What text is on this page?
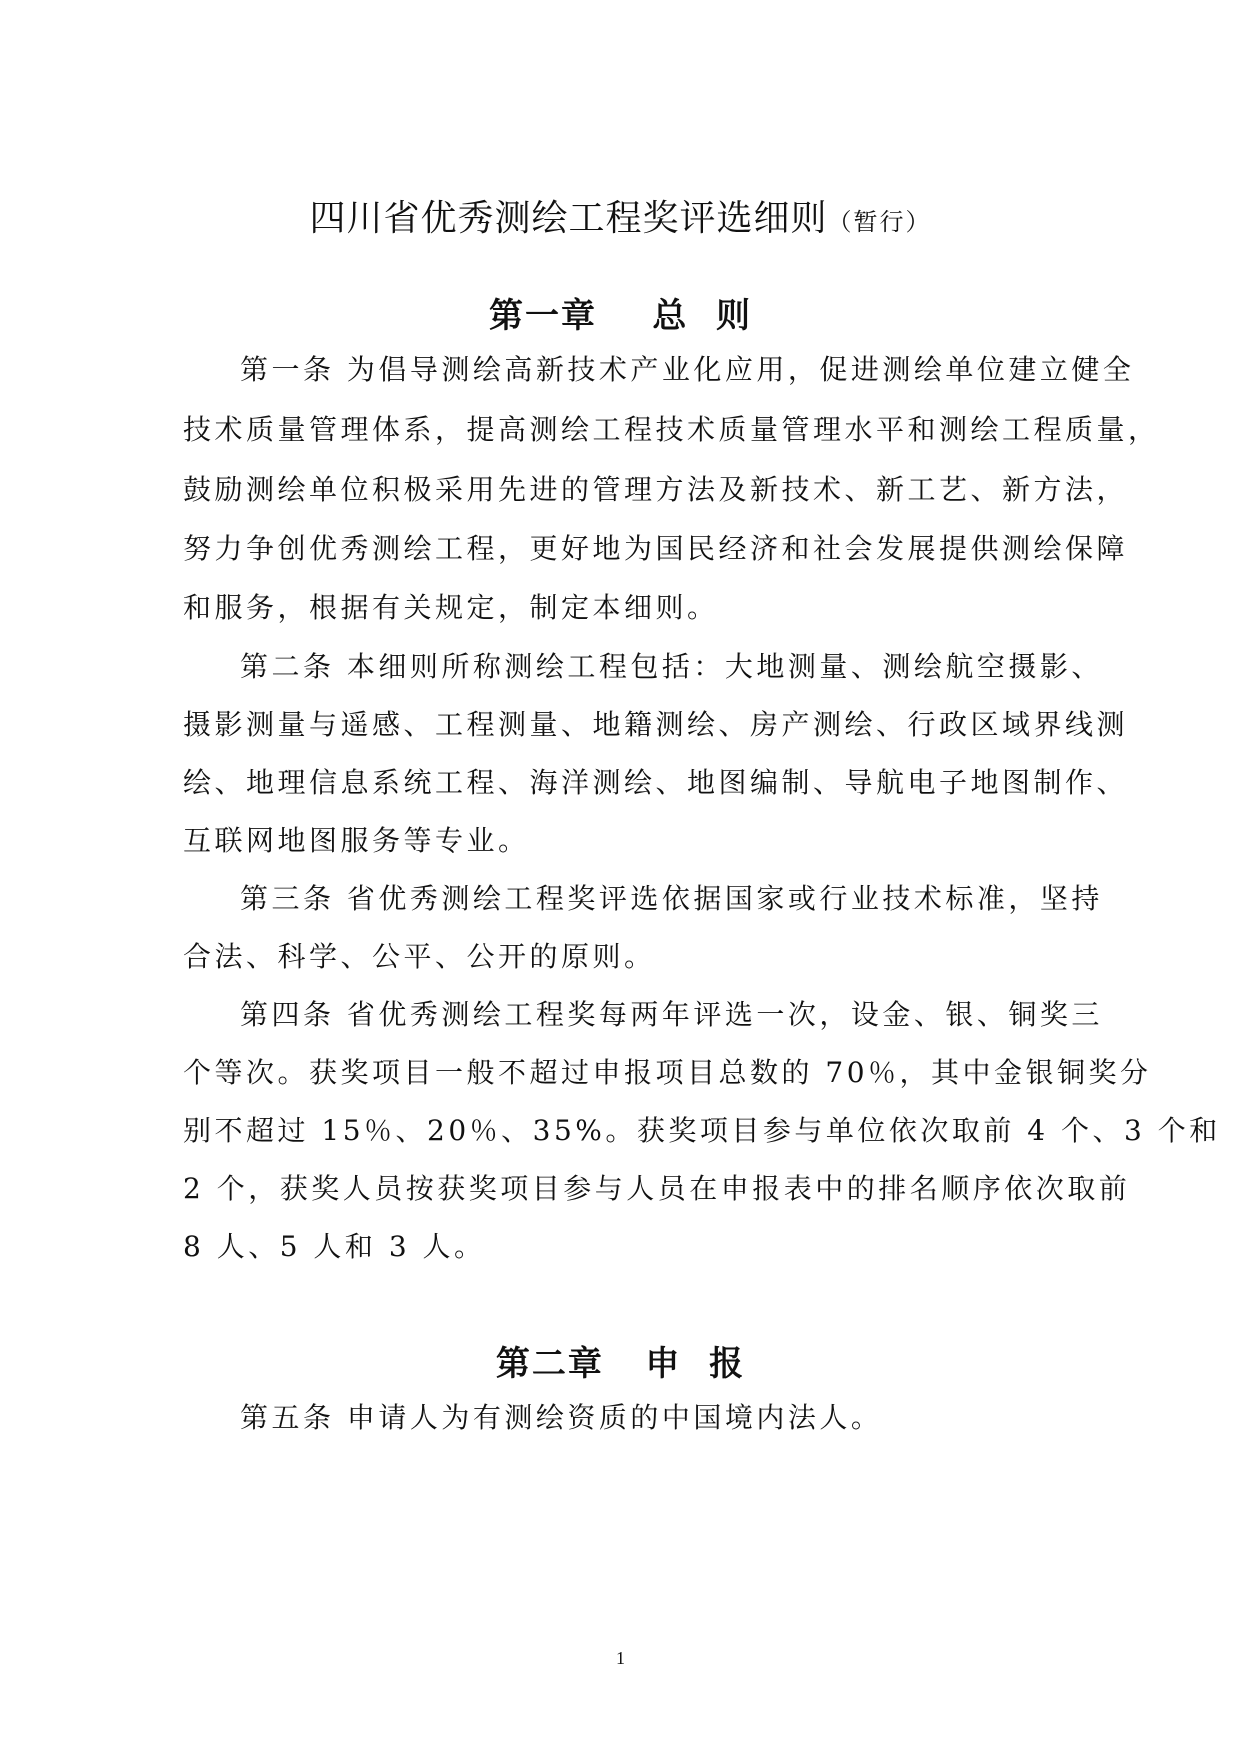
四川省优秀测绘工程奖评选细则（暂行）
第一章    总  则
第一条 为倡导测绘高新技术产业化应用，促进测绘单位建立健全
技术质量管理体系，提高测绘工程技术质量管理水平和测绘工程质量，
鼓励测绘单位积极采用先进的管理方法及新技术、新工艺、新方法，
努力争创优秀测绘工程，更好地为国民经济和社会发展提供测绘保障
和服务，根据有关规定，制定本细则。
第二条 本细则所称测绘工程包括：大地测量、测绘航空摄影、
摄影测量与遥感、工程测量、地籍测绘、房产测绘、行政区域界线测
绘、地理信息系统工程、海洋测绘、地图编制、导航电子地图制作、
互联网地图服务等专业。
第三条 省优秀测绘工程奖评选依据国家或行业技术标准，坚持
合法、科学、公平、公开的原则。
第四条 省优秀测绘工程奖每两年评选一次，设金、银、铜奖三
个等次。获奖项目一般不超过申报项目总数的 70％，其中金银铜奖分
别不超过 15％、20％、35%。获奖项目参与单位依次取前 4 个、3 个和
2 个，获奖人员按获奖项目参与人员在申报表中的排名顺序依次取前
8 人、5 人和 3 人。
第二章   申  报
第五条 申请人为有测绘资质的中国境内法人。
1
